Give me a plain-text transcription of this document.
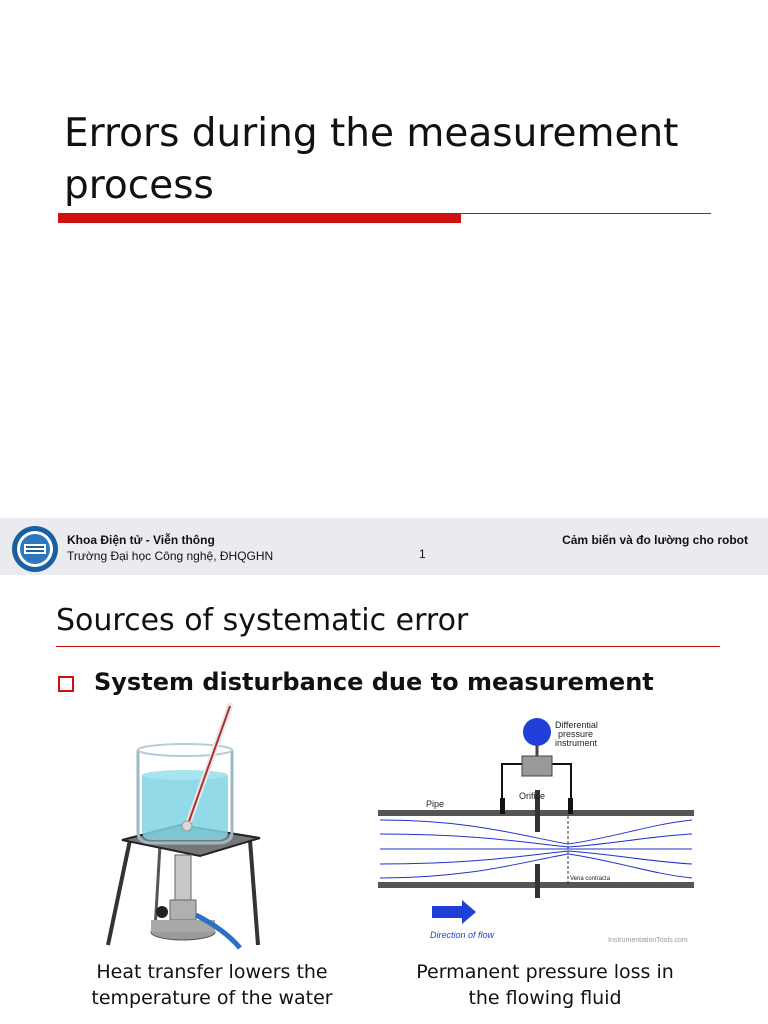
Errors during the measurement process
Khoa Điện tử - Viễn thông
Trường Đại học Công nghệ, ĐHQGHN	1
Cảm biến và đo lường cho robot
Sources of systematic error
System disturbance due to measurement
Differential
pressure
instrument
Orifice
Pipe
Vena contracta
Direction of flow
InstrumentationTools.com
Heat transfer lowers the temperature of the water
Permanent pressure loss in the flowing fluid
